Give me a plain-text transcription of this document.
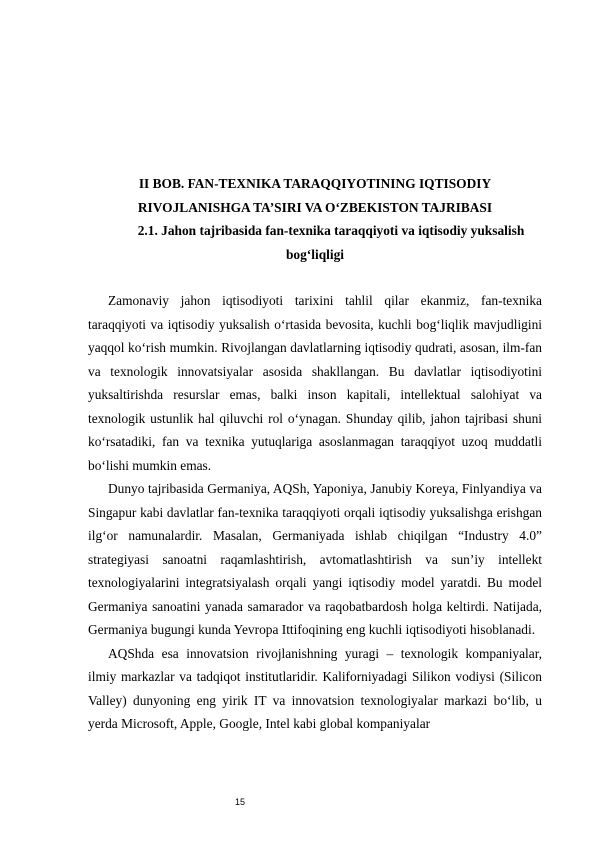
II BOB. FAN-TEXNIKA TARAQQIYOTINING IQTISODIY
RIVOJLANISHGA TA’SIRI VA O‘ZBEKISTON TAJRIBASI

2.1. Jahon tajribasida fan-texnika taraqqiyoti va iqtisodiy yuksalish bog‘liqligi

Zamonaviy jahon iqtisodiyoti tarixini tahlil qilar ekanmiz, fan-texnika taraqqiyoti va iqtisodiy yuksalish o‘rtasida bevosita, kuchli bog‘liqlik mavjudligini yaqqol ko‘rish mumkin. Rivojlangan davlatlarning iqtisodiy qudrati, asosan, ilm-fan va texnologik innovatsiyalar asosida shakllangan. Bu davlatlar iqtisodiyotini yuksaltirishda resurslar emas, balki inson kapitali, intellektual salohiyat va texnologik ustunlik hal qiluvchi rol o‘ynagan. Shunday qilib, jahon tajribasi shuni ko‘rsatadiki, fan va texnika yutuqlariga asoslanmagan taraqqiyot uzoq muddatli bo‘lishi mumkin emas.

Dunyo tajribasida Germaniya, AQSh, Yaponiya, Janubiy Koreya, Finlyandiya va Singapur kabi davlatlar fan-texnika taraqqiyoti orqali iqtisodiy yuksalishga erishgan ilg‘or namunalardir. Masalan, Germaniyada ishlab chiqilgan “Industry 4.0” strategiyasi sanoatni raqamlashtirish, avtomatlashtirish va sun’iy intellekt texnologiyalarini integratsiyalash orqali yangi iqtisodiy model yaratdi. Bu model Germaniya sanoatini yanada samarador va raqobatbardosh holga keltirdi. Natijada, Germaniya bugungi kunda Yevropa Ittifoqining eng kuchli iqtisodiyoti hisoblanadi.

AQShda esa innovatsion rivojlanishning yuragi – texnologik kompaniyalar, ilmiy markazlar va tadqiqot institutlaridir. Kaliforniyadagi Silikon vodiysi (Silicon Valley) dunyoning eng yirik IT va innovatsion texnologiyalar markazi bo‘lib, u yerda Microsoft, Apple, Google, Intel kabi global kompaniyalar

15
